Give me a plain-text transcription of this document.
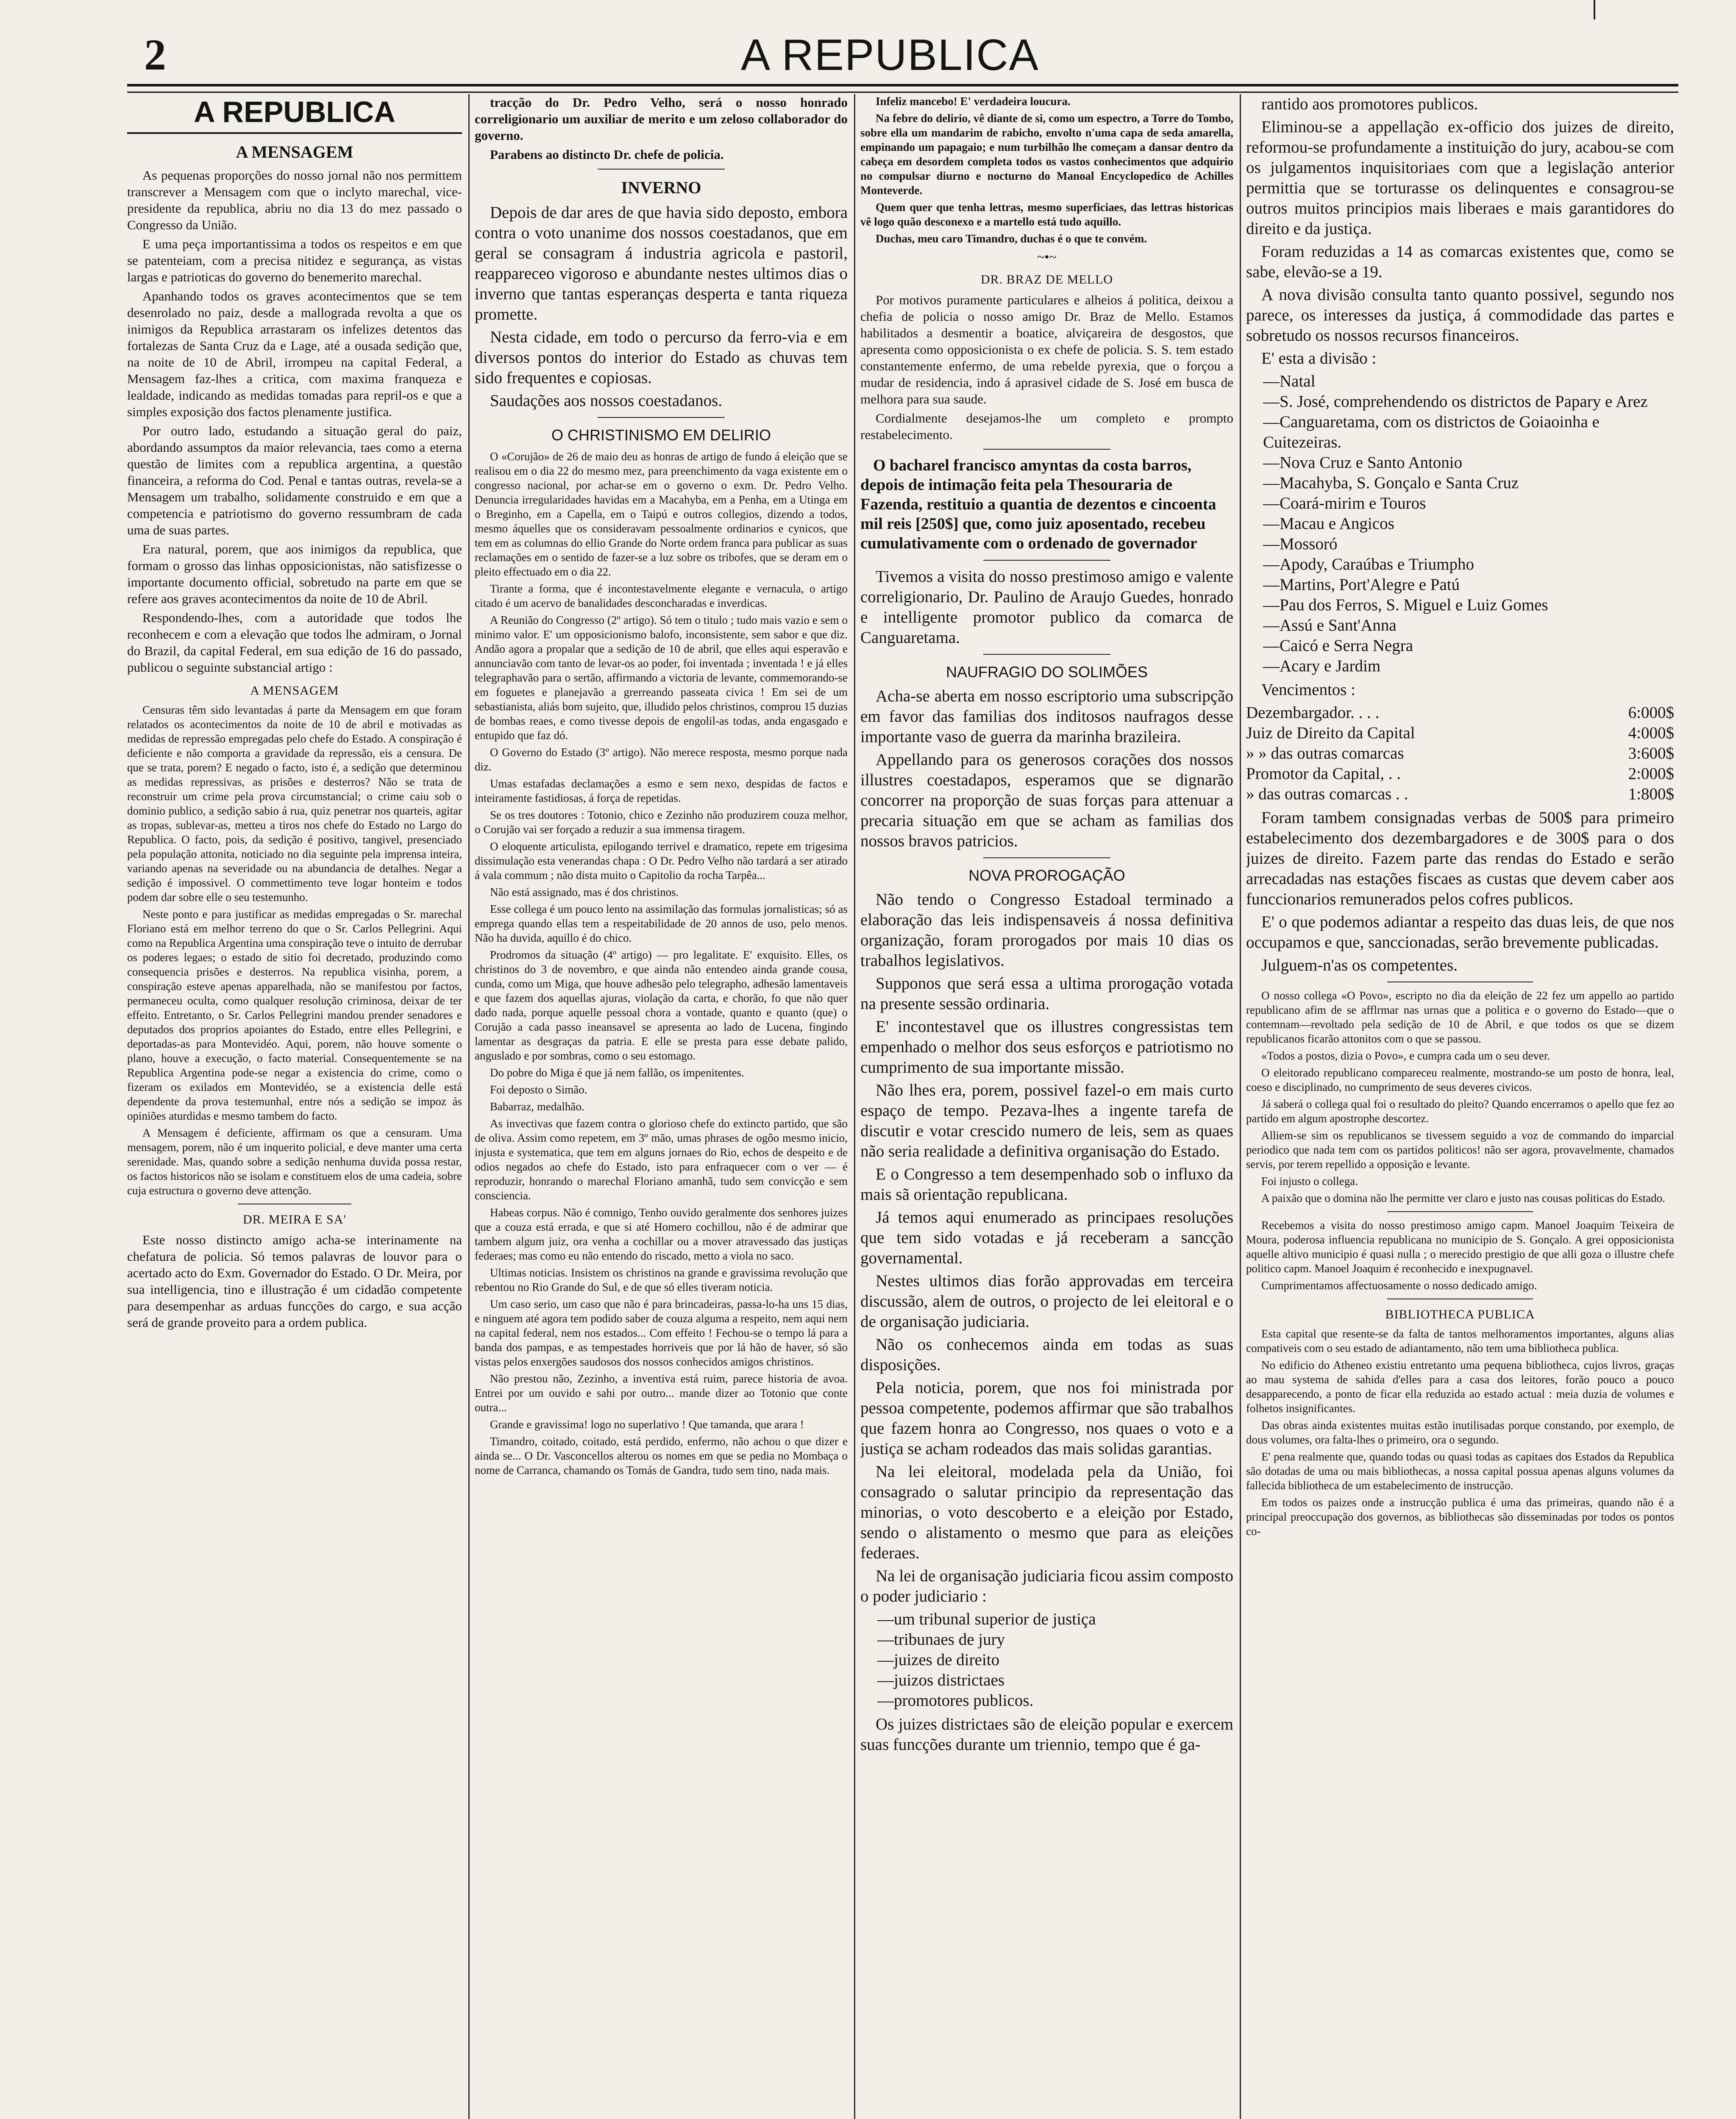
2	A REPUBLICA
A REPUBLICA
A MENSAGEM

As pequenas proporções do nosso jornal não nos permittem transcrever a Mensagem com que o inclyto marechal, vice-presidente da republica, abriu no dia 13 do mez passado o Congresso da União.

E uma peça importantissima a todos os respeitos e em que se patenteiam, com a precisa nitidez e segurança, as vistas largas e patrioticas do governo do benemerito marechal.

Apanhando todos os graves acontecimentos que se tem desenrolado no paiz, desde a mallograda revolta a que os inimigos da Republica arrastaram os infelizes detentos das fortalezas de Santa Cruz da e Lage, até a ousada sedição que, na noite de 10 de Abril, irrompeu na capital Federal, a Mensagem faz-lhes a critica, com maxima franqueza e lealdade, indicando as medidas tomadas para repril-os e que a simples exposição dos factos plenamente justifica.

Por outro lado, estudando a situação geral do paiz, abordando assumptos da maior relevancia, taes como a eterna questão de limites com a republica argentina, a questão financeira, a reforma do Cod. Penal e tantas outras, revela-se a Mensagem um trabalho, solidamente construido e em que a competencia e patriotismo do governo ressumbram de cada uma de suas partes.

Era natural, porem, que aos inimigos da republica, que formam o grosso das linhas opposicionistas, não satisfizesse o importante documento official, sobretudo na parte em que se refere aos graves acontecimentos da noite de 10 de Abril.

Respondendo-lhes, com a autoridade que todos lhe reconhecem e com a elevação que todos lhe admiram, o Jornal do Brazil, da capital Federal, em sua edição de 16 do passado, publicou o seguinte substancial artigo :

A MENSAGEM

Censuras têm sido levantadas á parte da Mensagem em que foram relatados os acontecimentos da noite de 10 de abril e motivadas as medidas de repressão empregadas pelo chefe do Estado. A conspiração é deficiente e não comporta a gravidade da repressão, eis a censura. De que se trata, porem? E negado o facto, isto é, a sedição que determinou as medidas repressivas, as prisões e desterros? Não se trata de reconstruir um crime pela prova circumstancial; o crime caiu sob o dominio publico, a sedição sabio á rua, quiz penetrar nos quarteis, agitar as tropas, sublevar-as, metteu a tiros nos chefe do Estado no Largo do Republica. O facto, pois, da sedição é positivo, tangivel, presenciado pela população attonita, noticiado no dia seguinte pela imprensa inteira, variando apenas na severidade ou na abundancia de detalhes. Negar a sedição é impossivel. O commettimento teve logar honteim e todos podem dar sobre elle o seu testemunho.

Neste ponto e para justificar as medidas empregadas o Sr. marechal Floriano está em melhor terreno do que o Sr. Carlos Pellegrini. Aqui como na Republica Argentina uma conspiração teve o intuito de derrubar os poderes legaes; o estado de sitio foi decretado, produzindo como consequencia prisões e desterros. Na republica visinha, porem, a conspiração esteve apenas apparelhada, não se manifestou por factos, permaneceu oculta, como qualquer resolução criminosa, deixar de ter effeito. Entretanto, o Sr. Carlos Pellegrini mandou prender senadores e deputados dos proprios apoiantes do Estado, entre elles Pellegrini, e deportadas-as para Montevidéo. Aqui, porem, não houve somente o plano, houve a execução, o facto material. Consequentemente se na Republica Argentina pode-se negar a existencia do crime, como o fizeram os exilados em Montevidéo, se a existencia delle está dependente da prova testemunhal, entre nós a sedição se impoz ás opiniões aturdidas e mesmo tambem do facto.

A Mensagem é deficiente, affirmam os que a censuram. Uma mensagem, porem, não é um inquerito policial, e deve manter uma certa serenidade. Mas, quando sobre a sedição nenhuma duvida possa restar, os factos historicos não se isolam e constituem elos de uma cadeia, sobre cuja estructura o governo deve attenção.

DR. MEIRA E SA'

Este nosso distincto amigo acha-se interinamente na chefatura de policia. Só temos palavras de louvor para o acertado acto do Exm. Governador do Estado. O Dr. Meira, por sua intelligencia, tino e illustração é um cidadão competente para desempenhar as arduas funcções do cargo, e sua acção será de grande proveito para a ordem publica.

tracção do Dr. Pedro Velho, será o nosso honrado correligionario um auxiliar de merito e um zeloso collaborador do governo.

Parabens ao distincto Dr. chefe de policia.

INVERNO

Depois de dar ares de que havia sido deposto, embora contra o voto unanime dos nossos coestadanos, que em geral se consagram á industria agricola e pastoril, reappareceo vigoroso e abundante nestes ultimos dias o inverno que tantas esperanças desperta e tanta riqueza promette.

Nesta cidade, em todo o percurso da ferro-via e em diversos pontos do interior do Estado as chuvas tem sido frequentes e copiosas.

Saudações aos nossos coestadanos.

O CHRISTINISMO EM DELIRIO

O «Corujão» de 26 de maio deu as honras de artigo de fundo á eleição que se realisou em o dia 22 do mesmo mez, para preenchimento da vaga existente em o congresso nacional, por achar-se em o governo o exm. Dr. Pedro Velho. Denuncia irregularidades havidas em a Macahyba, em a Penha, em a Utinga em o Breginho, em a Capella, em o Taipú e outros collegios, dizendo a todos, mesmo áquelles que os consideravam pessoalmente ordinarios e cynicos, que tem em as columnas do ellio Grande do Norte ordem franca para publicar as suas reclamações em o sentido de fazer-se a luz sobre os tribofes, que se deram em o pleito effectuado em o dia 22.

Tirante a forma, que é incontestavelmente elegante e vernacula, o artigo citado é um acervo de banalidades desconcharadas e inverdicas.

A Reunião do Congresso (2º artigo). Só tem o titulo ; tudo mais vazio e sem o minimo valor. E' um opposicionismo balofo, inconsistente, sem sabor e que diz. Andão agora a propalar que a sedição de 10 de abril, que elles aqui esperavão e annunciavão com tanto de levar-os ao poder, foi inventada ; inventada ! e já elles telegraphavão para o sertão, affirmando a victoria de levante, commemorando-se em foguetes e planejavão a grerreando passeata civica ! Em sei de um sebastianista, aliás bom sujeito, que, illudido pelos christinos, comprou 15 duzias de bombas reaes, e como tivesse depois de engolil-as todas, anda engasgado e entupido que faz dó.

O Governo do Estado (3º artigo). Não merece resposta, mesmo porque nada diz.

Umas estafadas declamações a esmo e sem nexo, despidas de factos e inteiramente fastidiosas, á força de repetidas.

Se os tres doutores : Totonio, chico e Zezinho não produzirem couza melhor, o Corujão vai ser forçado a reduzir a sua immensa tiragem.

O eloquente articulista, epilogando terrivel e dramatico, repete em trigesima dissimulação esta venerandas chapa : O Dr. Pedro Velho não tardará a ser atirado á vala commum ; não dista muito o Capitolio da rocha Tarpêa...

Não está assignado, mas é dos christinos.

Esse collega é um pouco lento na assimilação das formulas jornalisticas; só as emprega quando ellas tem a respeitabilidade de 20 annos de uso, pelo menos. Não ha duvida, aquillo é do chico.

Prodromos da situação (4º artigo) — pro legalitate. E' exquisito. Elles, os christinos do 3 de novembro, e que ainda não entendeo ainda grande cousa, cunda, como um Miga, que houve adhesão pelo telegrapho, adhesão lamentaveis e que fazem dos aquellas ajuras, violação da carta, e chorão, fo que não quer dado nada, porque aquelle pessoal chora a vontade, quanto e quanto (que) o Corujão a cada passo ineansavel se apresenta ao lado de Lucena, fingindo lamentar as desgraças da patria. E elle se presta para esse debate palido, anguslado e por sombras, como o seu estomago.

Do pobre do Miga é que já nem fallão, os impenitentes.

Foi deposto o Simão.

Babarraz, medalhão.

As invectivas que fazem contra o glorioso chefe do extincto partido, que são de oliva. Assim como repetem, em 3º mão, umas phrases de ogôo mesmo inicio, injusta e systematica, que tem em alguns jornaes do Rio, echos de despeito e de odios negados ao chefe do Estado, isto para enfraquecer com o ver — é reproduzir, honrando o marechal Floriano amanhã, tudo sem convicção e sem consciencia.

Habeas corpus. Não é comnigo, Tenho ouvido geralmente dos senhores juizes que a couza está errada, e que si até Homero cochillou, não é de admirar que tambem algum juiz, ora venha a cochillar ou a mover atravessado das justiças federaes; mas como eu não entendo do riscado, metto a viola no saco.

Ultimas noticias. Insistem os christinos na grande e gravissima revolução que rebentou no Rio Grande do Sul, e de que só elles tiveram noticia.

Um caso serio, um caso que não é para brincadeiras, passa-lo-ha uns 15 dias, e ninguem até agora tem podido saber de couza alguma a respeito, nem aqui nem na capital federal, nem nos estados... Com effeito ! Fechou-se o tempo lá para a banda dos pampas, e as tempestades horriveis que por lá hão de haver, só são vistas pelos enxergões saudosos dos nossos conhecidos amigos christinos.

Não prestou não, Zezinho, a inventiva está ruim, parece historia de avoa. Entrei por um ouvido e sahi por outro... mande dizer ao Totonio que conte outra...

Grande e gravissima! logo no superlativo ! Que tamanda, que arara !

Timandro, coitado, coitado, está perdido, enfermo, não achou o que dizer e ainda se... O Dr. Vasconcellos alterou os nomes em que se pedia no Mombaça o nome de Carranca, chamando os Tomás de Gandra, tudo sem tino, nada mais.

Infeliz mancebo! E' verdadeira loucura.

Na febre do delirio, vê diante de si, como um espectro, a Torre do Tombo, sobre ella um mandarim de rabicho, envolto n'uma capa de seda amarella, empinando um papagaio; e num turbilhão lhe começam a dansar dentro da cabeça em desordem completa todos os vastos conhecimentos que adquirio no compulsar diurno e nocturno do Manoal Encyclopedico de Achilles Monteverde.

Quem quer que tenha lettras, mesmo superficiaes, das lettras historicas vê logo quão desconexo e a martello está tudo aquillo.

Duchas, meu caro Timandro, duchas é o que te convém.

~•~
DR. BRAZ DE MELLO

Por motivos puramente particulares e alheios á politica, deixou a chefia de policia o nosso amigo Dr. Braz de Mello. Estamos habilitados a desmentir a boatice, alviçareira de desgostos, que apresenta como opposicionista o ex chefe de policia. S. S. tem estado constantemente enfermo, de uma rebelde pyrexia, que o forçou a mudar de residencia, indo á aprasivel cidade de S. José em busca de melhora para sua saude.

Cordialmente desejamos-lhe um completo e prompto restabelecimento.

O bacharel francisco amyntas da costa barros, depois de intimação feita pela Thesouraria de Fazenda, restituio a quantia de dezentos e cincoenta mil reis [250$] que, como juiz aposentado, recebeu cumulativamente com o ordenado de governador

Tivemos a visita do nosso prestimoso amigo e valente correligionario, Dr. Paulino de Araujo Guedes, honrado e intelligente promotor publico da comarca de Canguaretama.

NAUFRAGIO DO SOLIMÕES

Acha-se aberta em nosso escriptorio uma subscripção em favor das familias dos inditosos naufragos desse importante vaso de guerra da marinha brazileira.

Appellando para os generosos corações dos nossos illustres coestadapos, esperamos que se dignarão concorrer na proporção de suas forças para attenuar a precaria situação em que se acham as familias dos nossos bravos patricios.

NOVA PROROGAÇÃO

Não tendo o Congresso Estadoal terminado a elaboração das leis indispensaveis á nossa definitiva organização, foram prorogados por mais 10 dias os trabalhos legislativos.

Supponos que será essa a ultima prorogação votada na presente sessão ordinaria.

E' incontestavel que os illustres congressistas tem empenhado o melhor dos seus esforços e patriotismo no cumprimento de sua importante missão.

Não lhes era, porem, possivel fazel-o em mais curto espaço de tempo. Pezava-lhes a ingente tarefa de discutir e votar crescido numero de leis, sem as quaes não seria realidade a definitiva organisação do Estado.

E o Congresso a tem desempenhado sob o influxo da mais sã orientação republicana.

Já temos aqui enumerado as principaes resoluções que tem sido votadas e já receberam a sancção governamental.

Nestes ultimos dias forão approvadas em terceira discussão, alem de outros, o projecto de lei eleitoral e o de organisação judiciaria.

Não os conhecemos ainda em todas as suas disposições.

Pela noticia, porem, que nos foi ministrada por pessoa competente, podemos affirmar que são trabalhos que fazem honra ao Congresso, nos quaes o voto e a justiça se acham rodeados das mais solidas garantias.

Na lei eleitoral, modelada pela da União, foi consagrado o salutar principio da representação das minorias, o voto descoberto e a eleição por Estado, sendo o alistamento o mesmo que para as eleições federaes.

Na lei de organisação judiciaria ficou assim composto o poder judiciario :

—um tribunal superior de justiça
—tribunaes de jury
—juizes de direito
—juizos districtaes
—promotores publicos.

Os juizes districtaes são de eleição popular e exercem suas funcções durante um triennio, tempo que é ga-

rantido aos promotores publicos.

Eliminou-se a appellação ex-officio dos juizes de direito, reformou-se profundamente a instituição do jury, acabou-se com os julgamentos inquisitoriaes com que a legislação anterior permittia que se torturasse os delinquentes e consagrou-se outros muitos principios mais liberaes e mais garantidores do direito e da justiça.

Foram reduzidas a 14 as comarcas existentes que, como se sabe, elevão-se a 19.

A nova divisão consulta tanto quanto possivel, segundo nos parece, os interesses da justiça, á commodidade das partes e sobretudo os nossos recursos financeiros.

E' esta a divisão :

—Natal
—S. José, comprehendendo os districtos de Papary e Arez
—Canguaretama, com os districtos de Goiaoinha e Cuitezeiras.
—Nova Cruz e Santo Antonio
—Macahyba, S. Gonçalo e Santa Cruz
—Coará-mirim e Touros
—Macau e Angicos
—Mossoró
—Apody, Caraúbas e Triumpho
—Martins, Port'Alegre e Patú
—Pau dos Ferros, S. Miguel e Luiz Gomes
—Assú e Sant'Anna
—Caicó e Serra Negra
—Acary e Jardim

Vencimentos :

Dezembargador. . . .	6:000$
Juiz de Direito da Capital	4:000$
» » das outras comarcas	3:600$
Promotor da Capital, . .	2:000$
» das outras comarcas . .	1:800$

Foram tambem consignadas verbas de 500$ para primeiro estabelecimento dos dezembargadores e de 300$ para o dos juizes de direito. Fazem parte das rendas do Estado e serão arrecadadas nas estações fiscaes as custas que devem caber aos funccionarios remunerados pelos cofres publicos.

E' o que podemos adiantar a respeito das duas leis, de que nos occupamos e que, sanccionadas, serão brevemente publicadas.

Julguem-n'as os competentes.

O nosso collega «O Povo», escripto no dia da eleição de 22 fez um appello ao partido republicano afim de se afflrmar nas urnas que a politica e o governo do Estado—que o contemnam—revoltado pela sedição de 10 de Abril, e que todos os que se dizem republicanos ficarão attonitos com o que se passou.

«Todos a postos, dizia o Povo», e cumpra cada um o seu dever.

O eleitorado republicano compareceu realmente, mostrando-se um posto de honra, leal, coeso e disciplinado, no cumprimento de seus deveres civicos.

Já saberá o collega qual foi o resultado do pleito? Quando encerramos o apello que fez ao partido em algum apostrophe descortez.

Alliem-se sim os republicanos se tivessem seguido a voz de commando do imparcial periodico que nada tem com os partidos politicos! não ser agora, provavelmente, chamados servis, por terem repellido a opposição e levante.

Foi injusto o collega.

A paixão que o domina não lhe permitte ver claro e justo nas cousas politicas do Estado.

Recebemos a visita do nosso prestimoso amigo capm. Manoel Joaquim Teixeira de Moura, poderosa influencia republicana no municipio de S. Gonçalo. A grei opposicionista aquelle altivo municipio é quasi nulla ; o merecido prestigio de que alli goza o illustre chefe politico capm. Manoel Joaquim é reconhecido e inexpugnavel.

Cumprimentamos affectuosamente o nosso dedicado amigo.

BIBLIOTHECA PUBLICA

Esta capital que resente-se da falta de tantos melhoramentos importantes, alguns alias compativeis com o seu estado de adiantamento, não tem uma bibliotheca publica.

No edificio do Atheneo existiu entretanto uma pequena bibliotheca, cujos livros, graças ao mau systema de sahida d'elles para a casa dos leitores, forão pouco a pouco desapparecendo, a ponto de ficar ella reduzida ao estado actual : meia duzia de volumes e folhetos insignificantes.

Das obras ainda existentes muitas estão inutilisadas porque constando, por exemplo, de dous volumes, ora falta-lhes o primeiro, ora o segundo.

E' pena realmente que, quando todas ou quasi todas as capitaes dos Estados da Republica são dotadas de uma ou mais bibliothecas, a nossa capital possua apenas alguns volumes da fallecida bibliotheca de um estabelecimento de instrucção.

Em todos os paizes onde a instrucção publica é uma das primeiras, quando não é a principal preoccupação dos governos, as bibliothecas são disseminadas por todos os pontos co-
